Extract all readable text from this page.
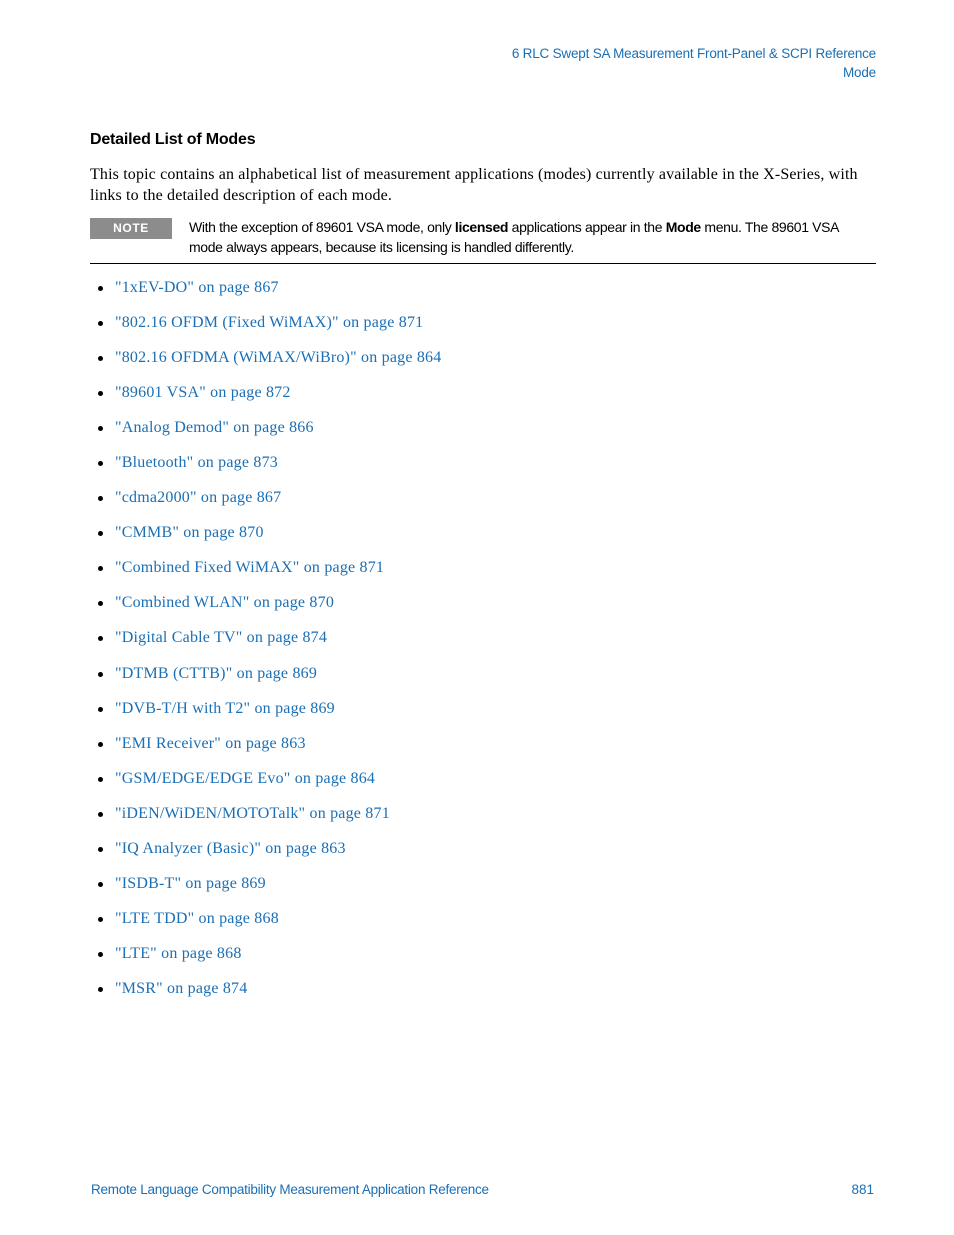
6 RLC Swept SA Measurement Front-Panel & SCPI Reference
Mode
Detailed List of Modes
This topic contains an alphabetical list of measurement applications (modes) currently available in the X-Series, with links to the detailed description of each mode.
NOTE	With the exception of 89601 VSA mode, only licensed applications appear in the Mode menu. The 89601 VSA mode always appears, because its licensing is handled differently.
"1xEV-DO" on page 867
"802.16 OFDM (Fixed WiMAX)" on page 871
"802.16 OFDMA (WiMAX/WiBro)" on page 864
"89601 VSA" on page 872
"Analog Demod" on page 866
"Bluetooth" on page 873
"cdma2000" on page 867
"CMMB" on page 870
"Combined Fixed WiMAX" on page 871
"Combined WLAN" on page 870
"Digital Cable TV" on page 874
"DTMB (CTTB)" on page 869
"DVB-T/H with T2" on page 869
"EMI Receiver" on page 863
"GSM/EDGE/EDGE Evo" on page 864
"iDEN/WiDEN/MOTOTalk" on page 871
"IQ Analyzer (Basic)" on page 863
"ISDB-T" on page 869
"LTE TDD" on page 868
"LTE" on page 868
"MSR" on page 874
Remote Language Compatibility Measurement Application Reference	881
